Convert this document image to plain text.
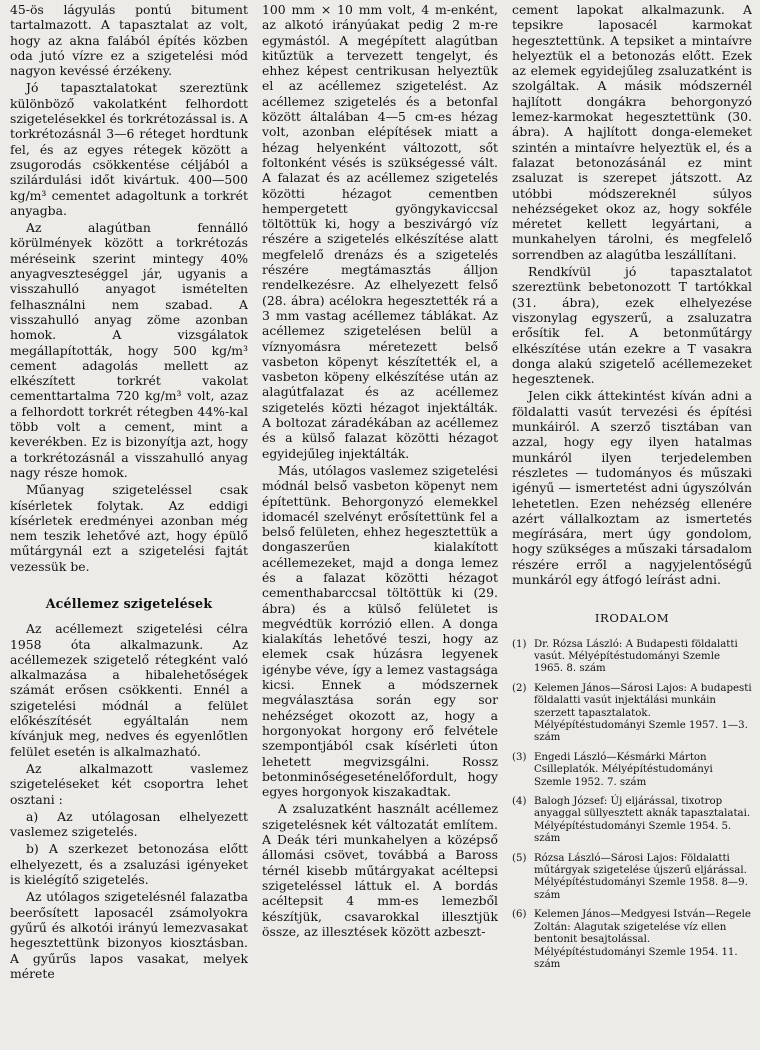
45-ös lágyulás pontú bitument tartalmazott. A tapasztalat az volt, hogy az akna falából építés közben oda jutó vízre ez a szigetelési mód nagyon kevéssé érzékeny.

Jó tapasztalatokat szereztünk különböző vakolatként felhordott szigetelésekkel és torkrétozással is. A torkrétozásnál 3—6 réteget hordtunk fel, és az egyes rétegek között a zsugorodás csökkentése céljából a szilárdulási időt kivártuk. 400—500 kg/m³ cementet adagoltunk a torkrét anyagba.

Az alagútban fennálló körülmények között a torkrétozás méréseink szerint mintegy 40% anyagveszteséggel jár, ugyanis a visszahulló anyagot ismételten felhasználni nem szabad. A visszahulló anyag zöme azonban homok. A vizsgálatok megállapították, hogy 500 kg/m³ cement adagolás mellett az elkészített torkrét vakolat cementtartalma 720 kg/m³ volt, azaz a felhordott torkrét rétegben 44%-kal több volt a cement, mint a keverékben. Ez is bizonyítja azt, hogy a torkrétozásnál a visszahulló anyag nagy része homok.

Műanyag szigeteléssel csak kísérletek folytak. Az eddigi kísérletek eredményei azonban még nem teszik lehetővé azt, hogy épülő műtárgynál ezt a szigetelési fajtát vezessük be.

Acéllemez szigetelések

Az acéllemezt szigetelési célra 1958 óta alkalmazunk. Az acéllemezek szigetelő rétegként való alkalmazása a hibalehetőségek számát erősen csökkenti. Ennél a szigetelési módnál a felület előkészítését egyáltalán nem kívánjuk meg, nedves és egyenlőtlen felület esetén is alkalmazható.

Az alkalmazott vaslemez szigeteléseket két csoportra lehet osztani :

a) Az utólagosan elhelyezett vaslemez szigetelés.

b) A szerkezet betonozása előtt elhelyezett, és a zsaluzási igényeket is kielégítő szigetelés.

Az utólagos szigetelésnél falazatba beerősített laposacél zsámolyokra gyűrű és alkotói irányú lemezvasakat hegesztettünk bizonyos kiosztásban. A gyűrűs lapos vasakat, melyek mérete

100 mm × 10 mm volt, 4 m-enként, az alkotó irányúakat pedig 2 m-re egymástól. A megépített alagútban kitűztük a tervezett tengelyt, és ehhez képest centrikusan helyeztük el az acéllemez szigetelést. Az acéllemez szigetelés és a betonfal között általában 4—5 cm-es hézag volt, azonban elépítések miatt a hézag helyenként változott, sőt foltonként vésés is szükségessé vált. A falazat és az acéllemez szigetelés közötti hézagot cementben hempergetett gyöngykaviccsal töltöttük ki, hogy a beszivárgó víz részére a szigetelés elkészítése alatt megfelelő drenázs és a szigetelés részére megtámasztás álljon rendelkezésre. Az elhelyezett felső (28. ábra) acélokra hegesztették rá a 3 mm vastag acéllemez táblákat. Az acéllemez szigetelésen belül a víznyomásra méretezett belső vasbeton köpenyt készítették el, a vasbeton köpeny elkészítése után az alagútfalazat és az acéllemez szigetelés közti hézagot injektálták. A boltozat záradékában az acéllemez és a külső falazat közötti hézagot egyidejűleg injektálták.

Más, utólagos vaslemez szigetelési módnál belső vasbeton köpenyt nem építettünk. Behorgonyzó elemekkel idomacél szelvényt erősítettünk fel a belső felületen, ehhez hegesztettük a dongaszerűen kialakított acéllemezeket, majd a donga lemez és a falazat közötti hézagot cementhabarccsal töltöttük ki (29. ábra) és a külső felületet is megvédtük korrózió ellen. A donga kialakítás lehetővé teszi, hogy az elemek csak húzásra legyenek igénybe véve, így a lemez vastagsága kicsi. Ennek a módszernek megválasztása során egy sor nehézséget okozott az, hogy a horgonyokat horgony erő felvétele szempontjából csak kísérleti úton lehetett megvizsgálni. Rossz betonminőségeseténelőfordult, hogy egyes horgonyok kiszakadtak.

A zsaluzatként használt acéllemez szigetelésnek két változatát említem. A Deák téri munkahelyen a középső állomási csövet, továbbá a Baross térnél kisebb műtárgyakat acéltepsi szigeteléssel láttuk el. A bordás acéltepsit 4 mm-es lemezből készítjük, csavarokkal illesztjük össze, az illesztések között azbeszt-

cement lapokat alkalmazunk. A tepsikre laposacél karmokat hegesztettünk. A tepsiket a mintaívre helyeztük el a betonozás előtt. Ezek az elemek egyidejűleg zsaluzatként is szolgáltak. A másik módszernél hajlított dongákra behorgonyzó lemez-karmokat hegesztettünk (30. ábra). A hajlított donga-elemeket szintén a mintaívre helyeztük el, és a falazat betonozásánál ez mint zsaluzat is szerepet játszott. Az utóbbi módszereknél súlyos nehézségeket okoz az, hogy sokféle méretet kellett legyártani, a munkahelyen tárolni, és megfelelő sorrendben az alagútba leszállítani.

Rendkívül jó tapasztalatot szereztünk bebetonozott T tartókkal (31. ábra), ezek elhelyezése viszonylag egyszerű, a zsaluzatra erősítik fel. A betonműtárgy elkészítése után ezekre a T vasakra donga alakú szigetelő acéllemezeket hegesztenek.

Jelen cikk áttekintést kíván adni a földalatti vasút tervezési és építési munkáiról. A szerző tisztában van azzal, hogy egy ilyen hatalmas munkáról ilyen terjedelemben részletes — tudományos és műszaki igényű — ismertetést adni úgyszólván lehetetlen. Ezen nehézség ellenére azért vállalkoztam az ismertetés megírására, mert úgy gondolom, hogy szükséges a műszaki társadalom részére erről a nagyjelentőségű munkáról egy átfogó leírást adni.

IRODALOM
(1) Dr. Rózsa László: A Budapesti földalatti vasút. Mélyépítéstudományi Szemle 1965. 8. szám
(2) Kelemen János—Sárosi Lajos: A budapesti földalatti vasút injektálási munkáin szerzett tapasztalatok. Mélyépítéstudományi Szemle 1957. 1—3. szám
(3) Engedi László—Késmárki Márton Csilleplatók. Mélyépítéstudományi Szemle 1952. 7. szám
(4) Balogh József: Új eljárással, tixotrop anyaggal süllyesztett aknák tapasztalatai. Mélyépítéstudományi Szemle 1954. 5. szám
(5) Rózsa László—Sárosi Lajos: Földalatti műtárgyak szigetelése újszerű eljárással. Mélyépítéstudományi Szemle 1958. 8—9. szám
(6) Kelemen János—Medgyesi István—Regele Zoltán: Alagutak szigetelése víz ellen bentonit besajtolással. Mélyépítéstudományi Szemle 1954. 11. szám
